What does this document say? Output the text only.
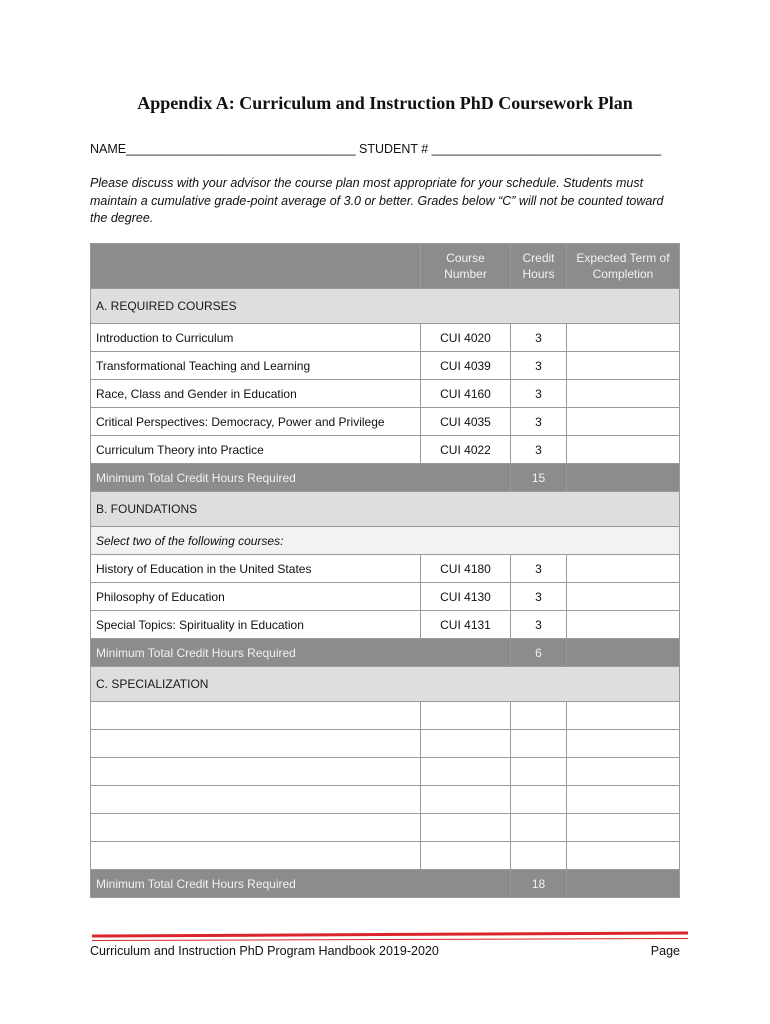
Appendix A: Curriculum and Instruction PhD Coursework Plan
NAME_________________________________ STUDENT # _________________________________
Please discuss with your advisor the course plan most appropriate for your schedule. Students must maintain a cumulative grade-point average of 3.0 or better. Grades below “C” will not be counted toward the degree.
	Course Number	Credit Hours	Expected Term of Completion
A. REQUIRED COURSES			
Introduction to Curriculum	CUI 4020	3	
Transformational Teaching and Learning	CUI 4039	3	
Race, Class and Gender in Education	CUI 4160	3	
Critical Perspectives: Democracy, Power and Privilege	CUI 4035	3	
Curriculum Theory into Practice	CUI 4022	3	
Minimum Total Credit Hours Required		15	
B. FOUNDATIONS			
Select two of the following courses:			
History of Education in the United States	CUI 4180	3	
Philosophy of Education	CUI 4130	3	
Special Topics: Spirituality in Education	CUI 4131	3	
Minimum Total Credit Hours Required		6	
C. SPECIALIZATION			

Minimum Total Credit Hours Required		18	
Curriculum and Instruction PhD Program Handbook 2019-2020	Page
